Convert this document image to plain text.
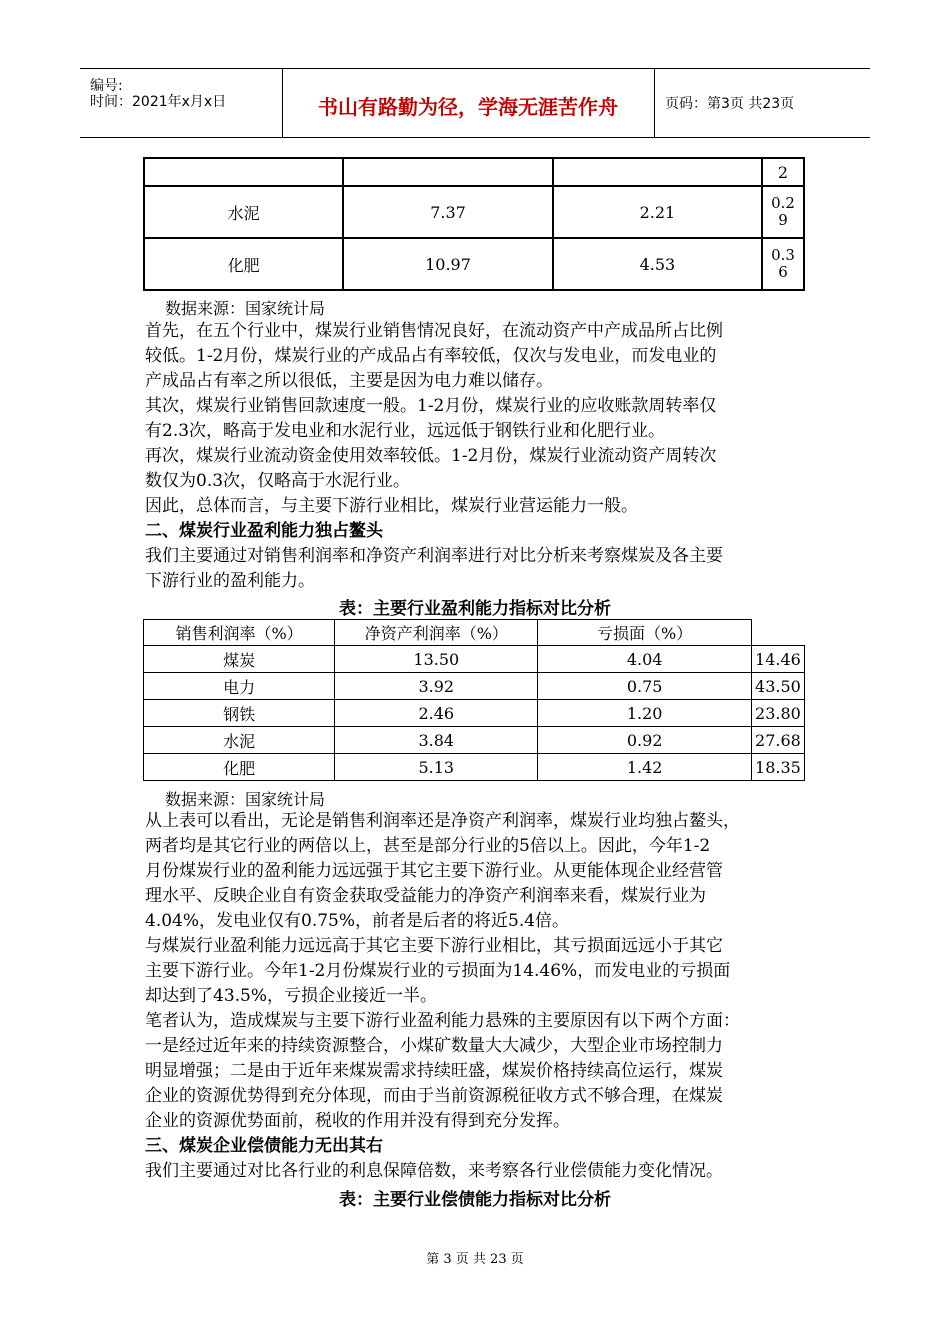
编号:
时间：2021年x月x日	书山有路勤为径，学海无涯苦作舟	页码：第3页 共23页
			2
水泥	7.37	2.21	0.29
化肥	10.97	4.53	0.36
数据来源：国家统计局
首先，在五个行业中，煤炭行业销售情况良好，在流动资产中产成品所占比例
较低。1-2月份，煤炭行业的产成品占有率较低，仅次与发电业，而发电业的
产成品占有率之所以很低，主要是因为电力难以储存。
其次，煤炭行业销售回款速度一般。1-2月份，煤炭行业的应收账款周转率仅
有2.3次，略高于发电业和水泥行业，远远低于钢铁行业和化肥行业。
再次，煤炭行业流动资金使用效率较低。1-2月份，煤炭行业流动资产周转次
数仅为0.3次，仅略高于水泥行业。
因此，总体而言，与主要下游行业相比，煤炭行业营运能力一般。
二、煤炭行业盈利能力独占鳌头
我们主要通过对销售利润率和净资产利润率进行对比分析来考察煤炭及各主要
下游行业的盈利能力。
表：主要行业盈利能力指标对比分析
销售利润率（%）	净资产利润率（%）	亏损面（%）	
煤炭	13.50	4.04	14.46
电力	3.92	0.75	43.50
钢铁	2.46	1.20	23.80
水泥	3.84	0.92	27.68
化肥	5.13	1.42	18.35
数据来源：国家统计局
从上表可以看出，无论是销售利润率还是净资产利润率，煤炭行业均独占鳌头，
两者均是其它行业的两倍以上，甚至是部分行业的5倍以上。因此，今年1-2
月份煤炭行业的盈利能力远远强于其它主要下游行业。从更能体现企业经营管
理水平、反映企业自有资金获取受益能力的净资产利润率来看，煤炭行业为
4.04%，发电业仅有0.75%，前者是后者的将近5.4倍。
与煤炭行业盈利能力远远高于其它主要下游行业相比，其亏损面远远小于其它
主要下游行业。今年1-2月份煤炭行业的亏损面为14.46%，而发电业的亏损面
却达到了43.5%，亏损企业接近一半。
笔者认为，造成煤炭与主要下游行业盈利能力悬殊的主要原因有以下两个方面：
一是经过近年来的持续资源整合，小煤矿数量大大减少，大型企业市场控制力
明显增强；二是由于近年来煤炭需求持续旺盛，煤炭价格持续高位运行，煤炭
企业的资源优势得到充分体现，而由于当前资源税征收方式不够合理，在煤炭
企业的资源优势面前，税收的作用并没有得到充分发挥。
三、煤炭企业偿债能力无出其右
我们主要通过对比各行业的利息保障倍数，来考察各行业偿债能力变化情况。
表：主要行业偿债能力指标对比分析
第 3 页 共 23 页
